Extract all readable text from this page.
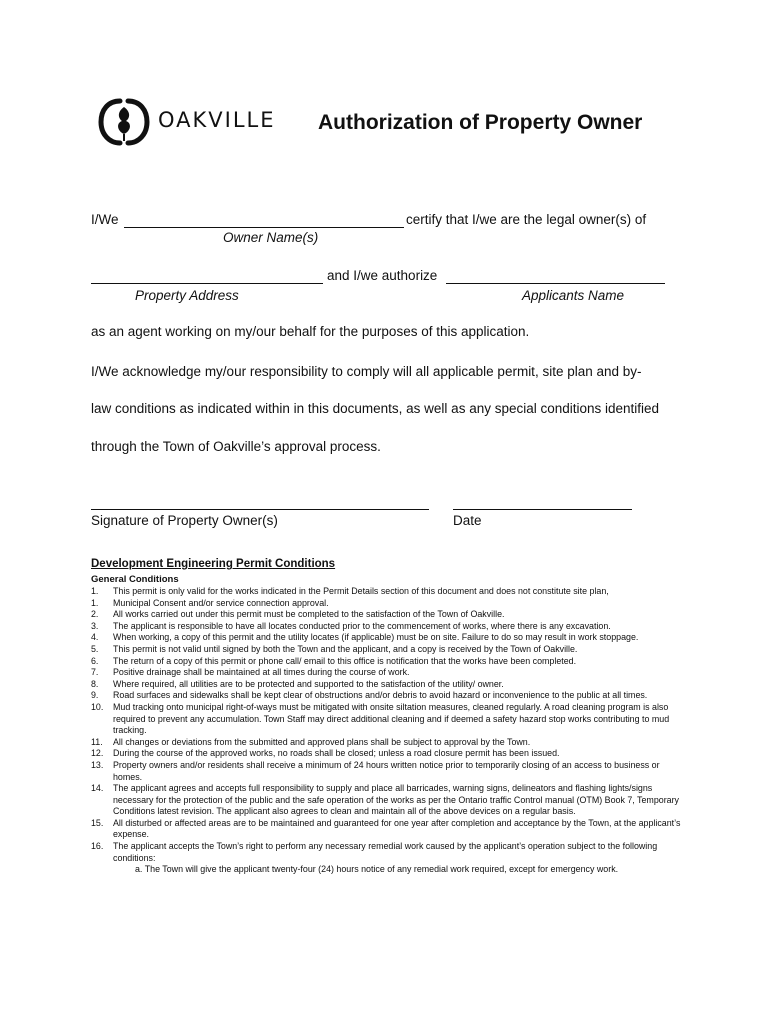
OAKVILLE Authorization of Property Owner
I/We	certify that I/we are the legal owner(s) of
Owner Name(s)
and I/we authorize
Property Address	Applicants Name
as an agent working on my/our behalf for the purposes of this application.
I/We acknowledge my/our responsibility to comply will all applicable permit, site plan and by-
law conditions as indicated within in this documents, as well as any special conditions identified
through the Town of Oakville’s approval process.
Signature of Property Owner(s)	Date
Development Engineering Permit Conditions
General Conditions
1.	This permit is only valid for the works indicated in the Permit Details section of this document and does not constitute site plan,
1.	Municipal Consent and/or service connection approval.
2.	All works carried out under this permit must be completed to the satisfaction of the Town of Oakville.
3.	The applicant is responsible to have all locates conducted prior to the commencement of works, where there is any excavation.
4.	When working, a copy of this permit and the utility locates (if applicable) must be on site. Failure to do so may result in work stoppage.
5.	This permit is not valid until signed by both the Town and the applicant, and a copy is received by the Town of Oakville.
6.	The return of a copy of this permit or phone call/ email to this office is notification that the works have been completed.
7.	Positive drainage shall be maintained at all times during the course of work.
8.	Where required, all utilities are to be protected and supported to the satisfaction of the utility/ owner.
9.	Road surfaces and sidewalks shall be kept clear of obstructions and/or debris to avoid hazard or inconvenience to the public at all times.
10.	Mud tracking onto municipal right-of-ways must be mitigated with onsite siltation measures, cleaned regularly. A road cleaning program is also required to prevent any accumulation. Town Staff may direct additional cleaning and if deemed a safety hazard stop works contributing to mud tracking.
11.	All changes or deviations from the submitted and approved plans shall be subject to approval by the Town.
12.	During the course of the approved works, no roads shall be closed; unless a road closure permit has been issued.
13.	Property owners and/or residents shall receive a minimum of 24 hours written notice prior to temporarily closing of an access to business or homes.
14.	The applicant agrees and accepts full responsibility to supply and place all barricades, warning signs, delineators and flashing lights/signs necessary for the protection of the public and the safe operation of the works as per the Ontario traffic Control manual (OTM) Book 7, Temporary Conditions latest revision. The applicant also agrees to clean and maintain all of the above devices on a regular basis.
15.	All disturbed or affected areas are to be maintained and guaranteed for one year after completion and acceptance by the Town, at the applicant’s expense.
16.	The applicant accepts the Town’s right to perform any necessary remedial work caused by the applicant’s operation subject to the following conditions:
a. The Town will give the applicant twenty-four (24) hours notice of any remedial work required, except for emergency work.
